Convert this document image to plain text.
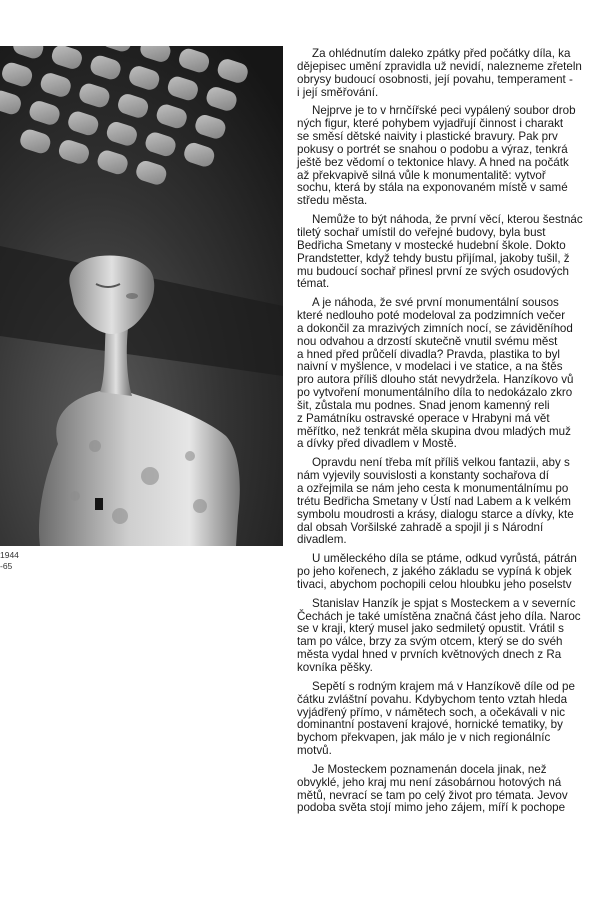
1944
-65
Za ohlédnutím daleko zpátky před počátky díla, ka
dějepisec umění zpravidla už nevidí, nalezneme zřeteln
obrysy budoucí osobnosti, její povahu, temperament -
i její směřování.
Nejprve je to v hrnčířské peci vypálený soubor drob
ných figur, které pohybem vyjadřují činnost i charakt
se směsí dětské naivity i plastické bravury. Pak prv
pokusy o portrét se snahou o podobu a výraz, tenkrá
ještě bez vědomí o tektonice hlavy. A hned na počátk
až překvapivě silná vůle k monumentalitě: vytvoř
sochu, která by stála na exponovaném místě v samé
středu města.
Nemůže to být náhoda, že první věcí, kterou šestnác
tiletý sochař umístil do veřejné budovy, byla bust
Bedřicha Smetany v mostecké hudební škole. Dokto
Prandstetter, když tehdy bustu přijímal, jakoby tušil, ž
mu budoucí sochař přinesl první ze svých osudových
témat.
A je náhoda, že své první monumentální sousos
které nedlouho poté modeloval za podzimních večer
a dokončil za mrazivých zimních nocí, se záviděníhod
nou odvahou a drzostí skutečně vnutil svému měst
a hned před průčelí divadla? Pravda, plastika to byl
naivní v myšlence, v modelaci i ve statice, a na štěs
pro autora příliš dlouho stát nevydržela. Hanzíkovo vů
po vytvoření monumentálního díla to nedokázalo zkro
šit, zůstala mu podnes. Snad jenom kamenný reli
z Památníku ostravské operace v Hrabyni má vět
měřítko, než tenkrát měla skupina dvou mladých muž
a dívky před divadlem v Mostě.
Opravdu není třeba mít příliš velkou fantazii, aby s
nám vyjevily souvislosti a konstanty sochařova dí
a ozřejmila se nám jeho cesta k monumentálnímu po
trétu Bedřicha Smetany v Ústí nad Labem a k velkém
symbolu moudrosti a krásy, dialogu starce a dívky, kte
dal obsah Voršilské zahradě a spojil ji s Národní
divadlem.
U uměleckého díla se ptáme, odkud vyrůstá, pátrán
po jeho kořenech, z jakého základu se vypíná k objek
tivaci, abychom pochopili celou hloubku jeho poselstv
Stanislav Hanzík je spjat s Mosteckem a v severníc
Čechách je také umístěna značná část jeho díla. Naroc
se v kraji, který musel jako sedmiletý opustit. Vrátil s
tam po válce, brzy za svým otcem, který se do svéh
města vydal hned v prvních květnových dnech z Ra
kovníka pěšky.
Sepětí s rodným krajem má v Hanzíkově díle od pe
čátku zvláštní povahu. Kdybychom tento vztah hleda
vyjádřený přímo, v námětech soch, a očekávali v nic
dominantní postavení krajové, hornické tematiky, by
bychom překvapen, jak málo je v nich regionálníc
motvů.
Je Mosteckem poznamenán docela jinak, než
obvyklé, jeho kraj mu není zásobárnou hotových ná
mětů, nevrací se tam po celý život pro témata. Jevov
podoba světa stojí mimo jeho zájem, míří k pochope
